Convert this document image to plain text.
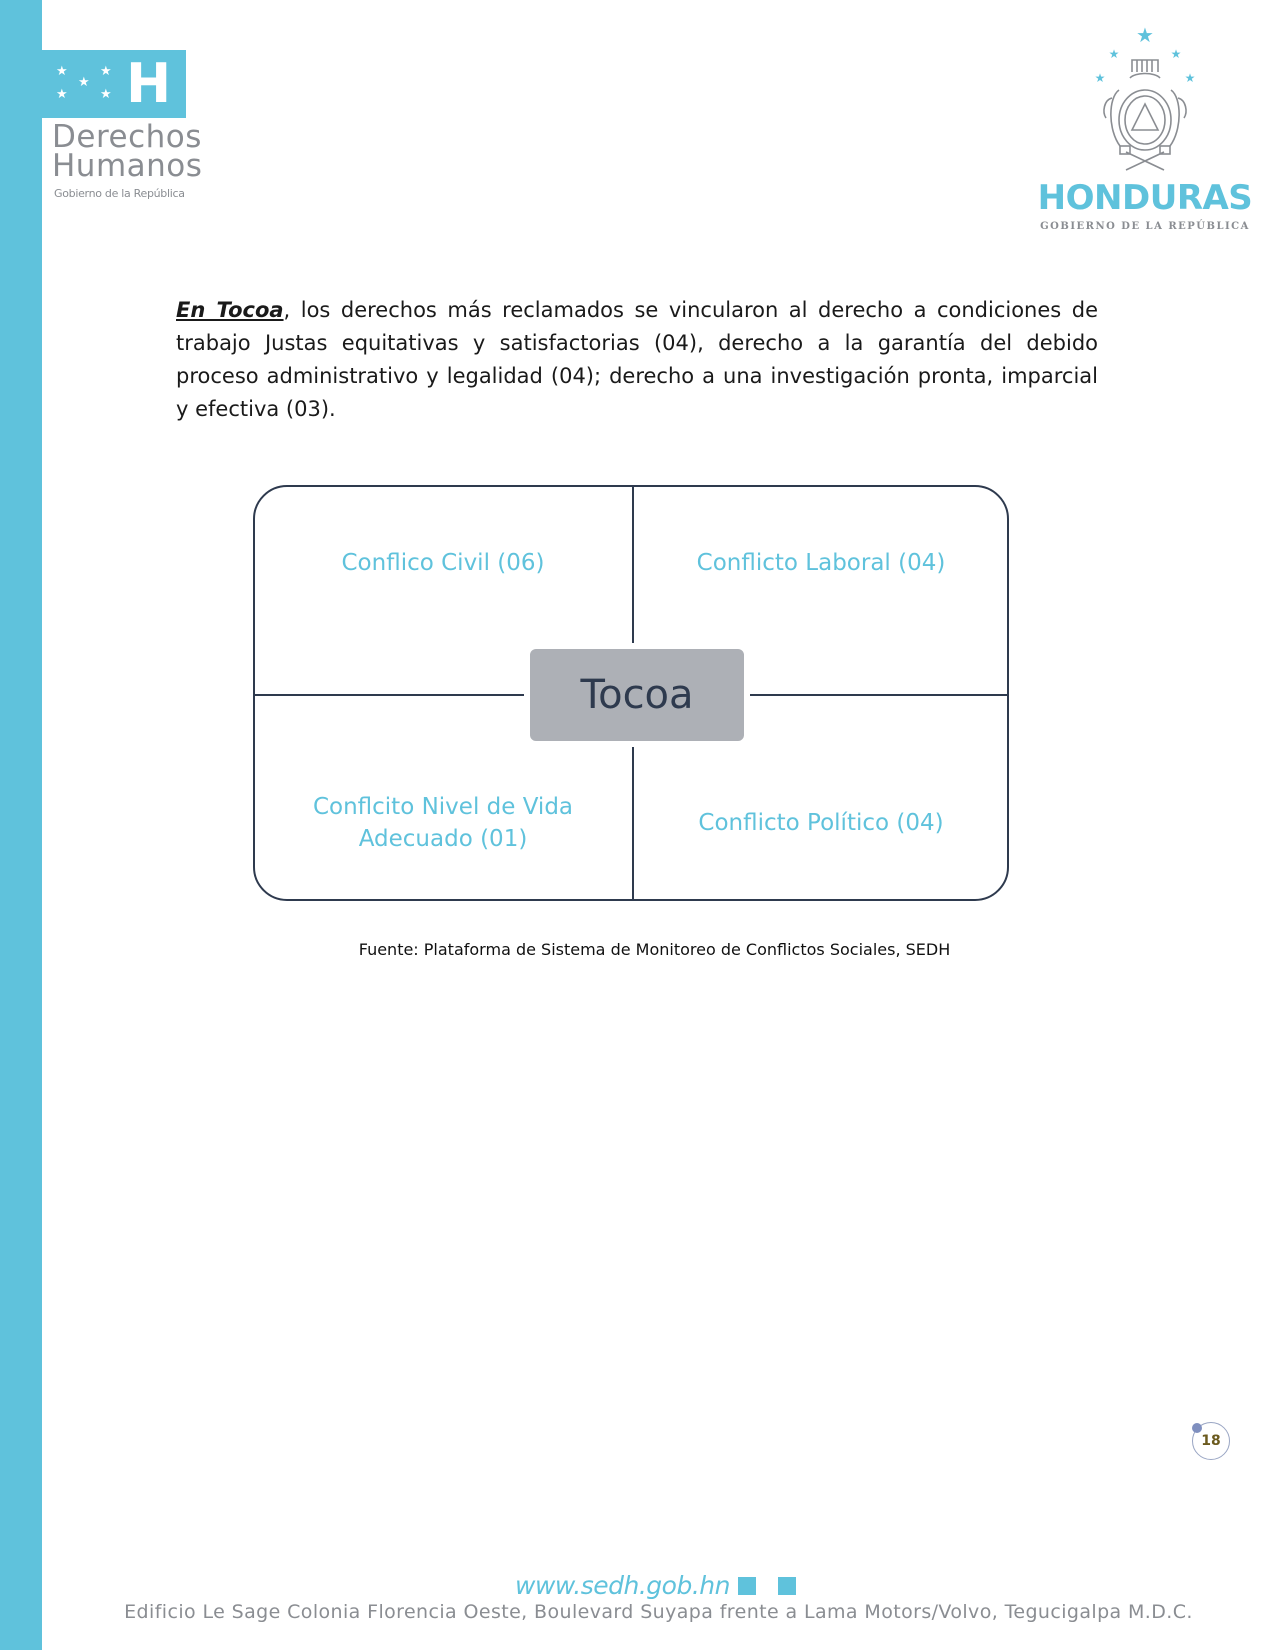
★ ★
★
★ ★ H
Derechos
Humanos
Gobierno de la República
★
★	★
★	★
HONDURAS
GOBIERNO DE LA REPÚBLICA

En Tocoa, los derechos más reclamados se vincularon al derecho a condiciones de trabajo Justas equitativas y satisfactorias (04), derecho a la garantía del debido proceso administrativo y legalidad (04); derecho a una investigación pronta, imparcial y efectiva (03).

Conflico Civil (06)	Conflicto Laboral (04)
Conflcito Nivel de Vida
Adecuado (01)
Conflicto Político (04)
Tocoa
Fuente: Plataforma de Sistema de Monitoreo de Conflictos Sociales, SEDH
18
www.sedh.gob.hn
Edificio Le Sage Colonia Florencia Oeste, Boulevard Suyapa frente a Lama Motors/Volvo, Tegucigalpa M.D.C.
